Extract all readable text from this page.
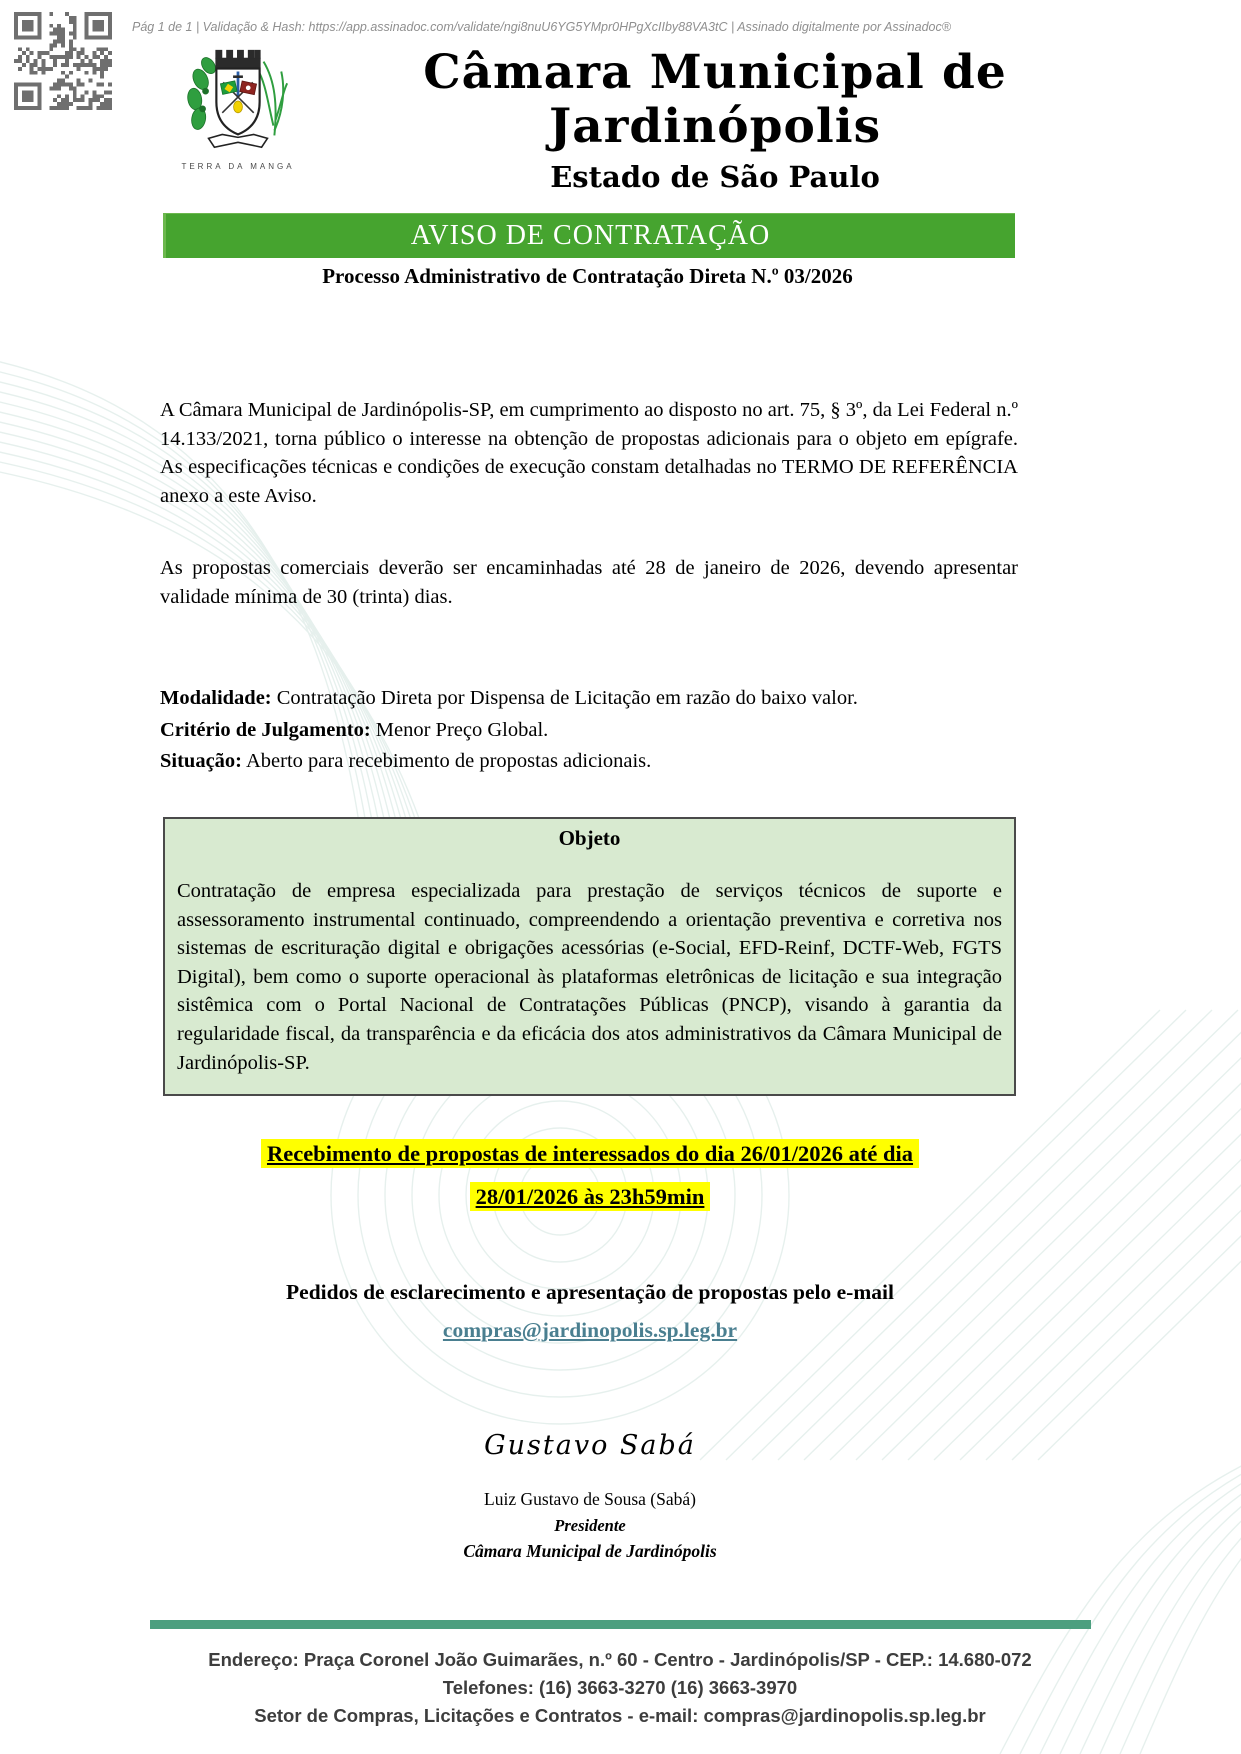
Pág 1 de 1 | Validação & Hash: https://app.assinadoc.com/validate/ngi8nuU6YG5YMpr0HPgXcIIby88VA3tC | Assinado digitalmente por Assinadoc®
TERRA DA MANGA
Câmara Municipal de Jardinópolis
Estado de São Paulo
AVISO DE CONTRATAÇÃO
Processo Administrativo de Contratação Direta N.º 03/2026
A Câmara Municipal de Jardinópolis-SP, em cumprimento ao disposto no art. 75, § 3º, da Lei Federal n.º 14.133/2021, torna público o interesse na obtenção de propostas adicionais para o objeto em epígrafe. As especificações técnicas e condições de execução constam detalhadas no TERMO DE REFERÊNCIA anexo a este Aviso.
As propostas comerciais deverão ser encaminhadas até 28 de janeiro de 2026, devendo apresentar validade mínima de 30 (trinta) dias.
Modalidade: Contratação Direta por Dispensa de Licitação em razão do baixo valor.
Critério de Julgamento: Menor Preço Global.
Situação: Aberto para recebimento de propostas adicionais.
Objeto
Contratação de empresa especializada para prestação de serviços técnicos de suporte e assessoramento instrumental continuado, compreendendo a orientação preventiva e corretiva nos sistemas de escrituração digital e obrigações acessórias (e-Social, EFD-Reinf, DCTF-Web, FGTS Digital), bem como o suporte operacional às plataformas eletrônicas de licitação e sua integração sistêmica com o Portal Nacional de Contratações Públicas (PNCP), visando à garantia da regularidade fiscal, da transparência e da eficácia dos atos administrativos da Câmara Municipal de Jardinópolis-SP.
Recebimento de propostas de interessados do dia 26/01/2026 até dia
28/01/2026 às 23h59min
Pedidos de esclarecimento e apresentação de propostas pelo e-mail
compras@jardinopolis.sp.leg.br
Gustavo Sabá
Luiz Gustavo de Sousa (Sabá)
Presidente
Câmara Municipal de Jardinópolis
Endereço: Praça Coronel João Guimarães, n.º 60 - Centro - Jardinópolis/SP - CEP.: 14.680-072
Telefones: (16) 3663-3270 (16) 3663-3970
Setor de Compras, Licitações e Contratos - e-mail: compras@jardinopolis.sp.leg.br
